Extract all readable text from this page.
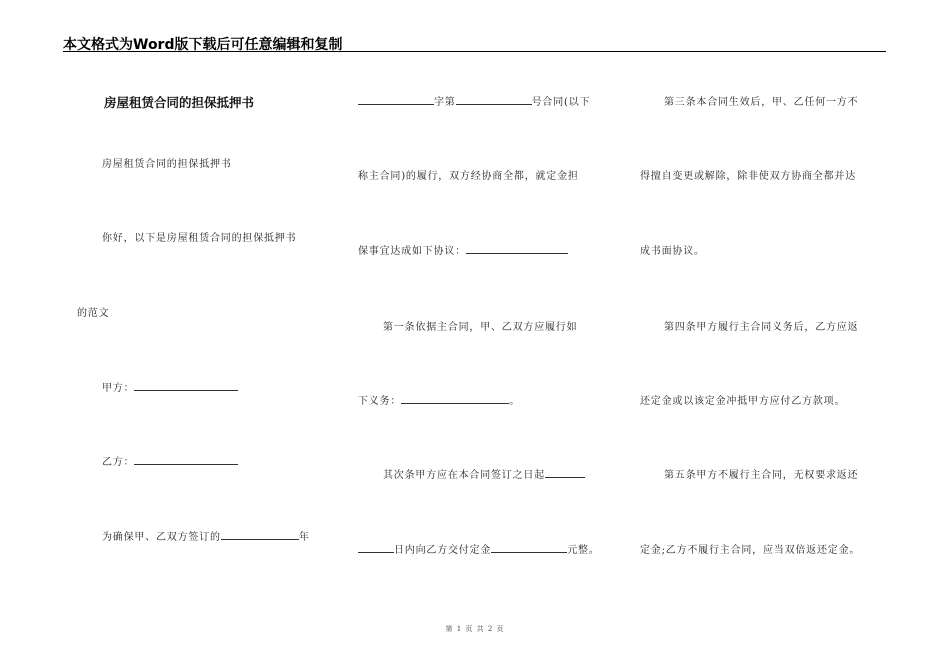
本文格式为Word版下载后可任意编辑和复制
房屋租赁合同的担保抵押书
房屋租赁合同的担保抵押书
你好，以下是房屋租赁合同的担保抵押书
的范文
甲方：
乙方：
为确保甲、乙双方签订的	年
字第	号合同(以下
称主合同)的履行，双方经协商全都，就定金担
保事宜达成如下协议：
第一条依据主合同，甲、乙双方应履行如
下义务：	。
其次条甲方应在本合同签订之日起
日内向乙方交付定金	元整。
第三条本合同生效后，甲、乙任何一方不
得擅自变更或解除，除非使双方协商全都并达
成书面协议。
第四条甲方履行主合同义务后，乙方应返
还定金或以该定金冲抵甲方应付乙方款项。
第五条甲方不履行主合同，无权要求返还
定金;乙方不履行主合同，应当双倍返还定金。
第 1 页 共 2 页
